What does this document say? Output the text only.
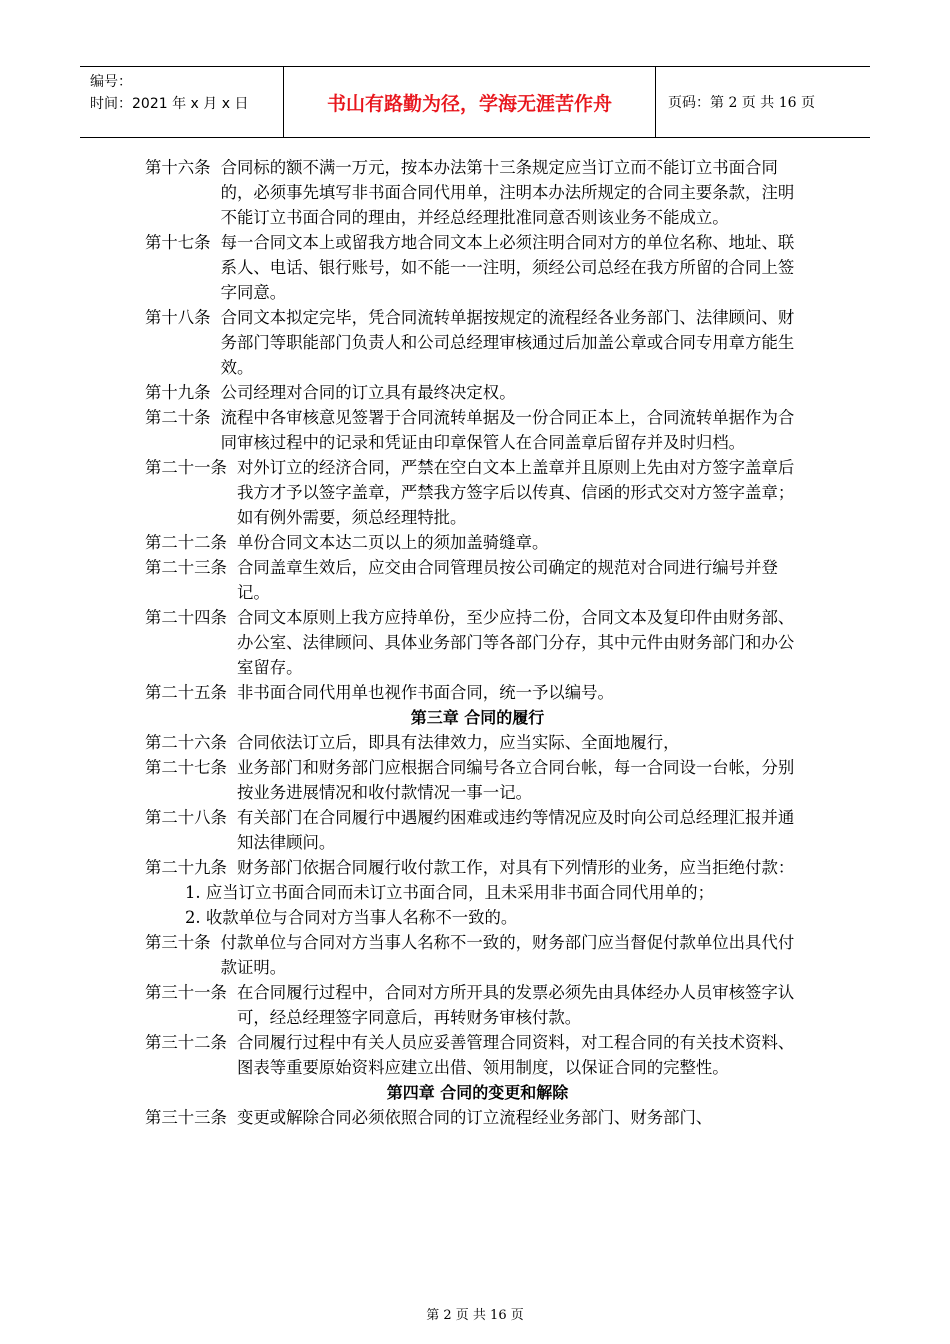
编号：
时间：2021 年 x 月 x 日	书山有路勤为径，学海无涯苦作舟	页码：第 2 页 共 16 页
第十六条 合同标的额不满一万元，按本办法第十三条规定应当订立而不能订立书面合同的，必须事先填写非书面合同代用单，注明本办法所规定的合同主要条款，注明不能订立书面合同的理由，并经总经理批准同意否则该业务不能成立。
第十七条 每一合同文本上或留我方地合同文本上必须注明合同对方的单位名称、地址、联系人、电话、银行账号，如不能一一注明，须经公司总经在我方所留的合同上签字同意。
第十八条 合同文本拟定完毕，凭合同流转单据按规定的流程经各业务部门、法律顾问、财务部门等职能部门负责人和公司总经理审核通过后加盖公章或合同专用章方能生效。
第十九条 公司经理对合同的订立具有最终决定权。
第二十条 流程中各审核意见签署于合同流转单据及一份合同正本上，合同流转单据作为合同审核过程中的记录和凭证由印章保管人在合同盖章后留存并及时归档。
第二十一条 对外订立的经济合同，严禁在空白文本上盖章并且原则上先由对方签字盖章后我方才予以签字盖章，严禁我方签字后以传真、信函的形式交对方签字盖章；如有例外需要，须总经理特批。
第二十二条 单份合同文本达二页以上的须加盖骑缝章。
第二十三条 合同盖章生效后，应交由合同管理员按公司确定的规范对合同进行编号并登记。
第二十四条 合同文本原则上我方应持单份，至少应持二份，合同文本及复印件由财务部、办公室、法律顾问、具体业务部门等各部门分存，其中元件由财务部门和办公室留存。
第二十五条 非书面合同代用单也视作书面合同，统一予以编号。
第三章 合同的履行
第二十六条 合同依法订立后，即具有法律效力，应当实际、全面地履行，
第二十七条 业务部门和财务部门应根据合同编号各立合同台帐，每一合同设一台帐，分别按业务进展情况和收付款情况一事一记。
第二十八条 有关部门在合同履行中遇履约困难或违约等情况应及时向公司总经理汇报并通知法律顾问。
第二十九条 财务部门依据合同履行收付款工作，对具有下列情形的业务，应当拒绝付款：
1. 应当订立书面合同而未订立书面合同，且未采用非书面合同代用单的；
2. 收款单位与合同对方当事人名称不一致的。
第三十条 付款单位与合同对方当事人名称不一致的，财务部门应当督促付款单位出具代付款证明。
第三十一条 在合同履行过程中，合同对方所开具的发票必须先由具体经办人员审核签字认可，经总经理签字同意后，再转财务审核付款。
第三十二条 合同履行过程中有关人员应妥善管理合同资料，对工程合同的有关技术资料、图表等重要原始资料应建立出借、领用制度，以保证合同的完整性。
第四章 合同的变更和解除
第三十三条 变更或解除合同必须依照合同的订立流程经业务部门、财务部门、
第 2 页 共 16 页
